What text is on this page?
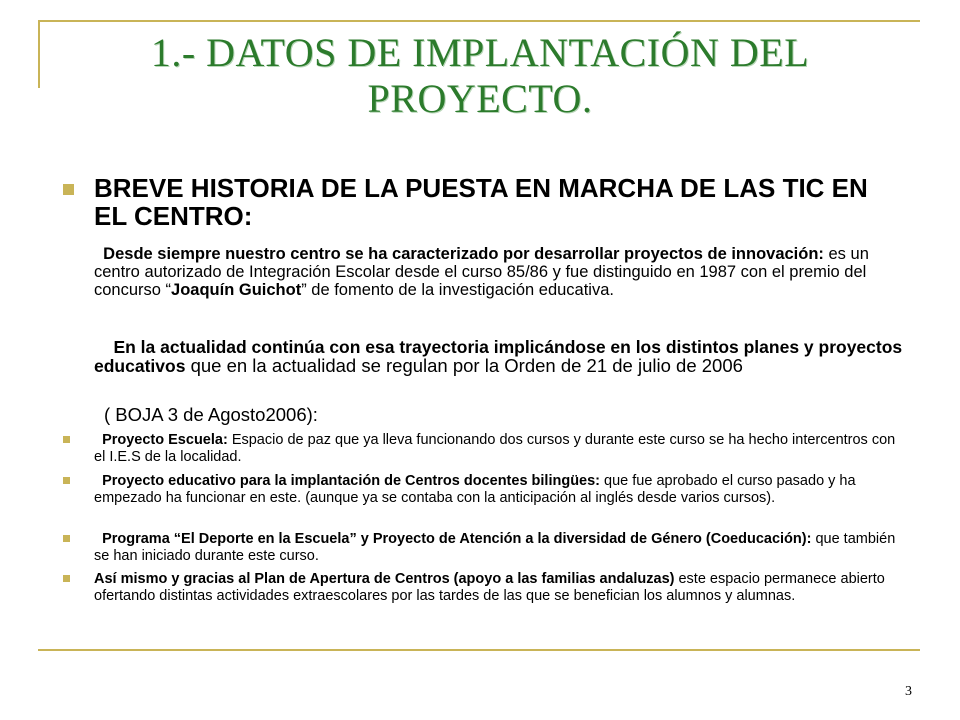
1.- DATOS DE IMPLANTACIÓN DEL
PROYECTO.
BREVE HISTORIA DE LA PUESTA EN MARCHA DE LAS TIC EN EL CENTRO:
Desde siempre nuestro centro se ha caracterizado por desarrollar proyectos de innovación: es un centro autorizado de Integración Escolar desde el curso 85/86 y fue distinguido en 1987 con el premio del concurso “Joaquín Guichot” de fomento de la investigación educativa.
En la actualidad continúa con esa trayectoria implicándose en los distintos planes y proyectos educativos que en la actualidad se regulan por la Orden de 21 de julio de 2006
( BOJA 3 de Agosto2006):
Proyecto Escuela: Espacio de paz que ya lleva funcionando dos cursos y durante este curso se ha hecho intercentros con el I.E.S de la localidad.
Proyecto educativo para la implantación de Centros docentes bilingües: que fue aprobado el curso pasado y ha empezado ha funcionar en este. (aunque ya se contaba con la anticipación al inglés desde varios cursos).
Programa “El Deporte en la Escuela” y Proyecto de Atención a la diversidad de Género (Coeducación): que también se han iniciado durante este curso.
Así mismo y gracias al Plan de Apertura de Centros (apoyo a las familias andaluzas) este espacio permanece abierto ofertando distintas actividades extraescolares por las tardes de las que se benefician los alumnos y alumnas.
3
